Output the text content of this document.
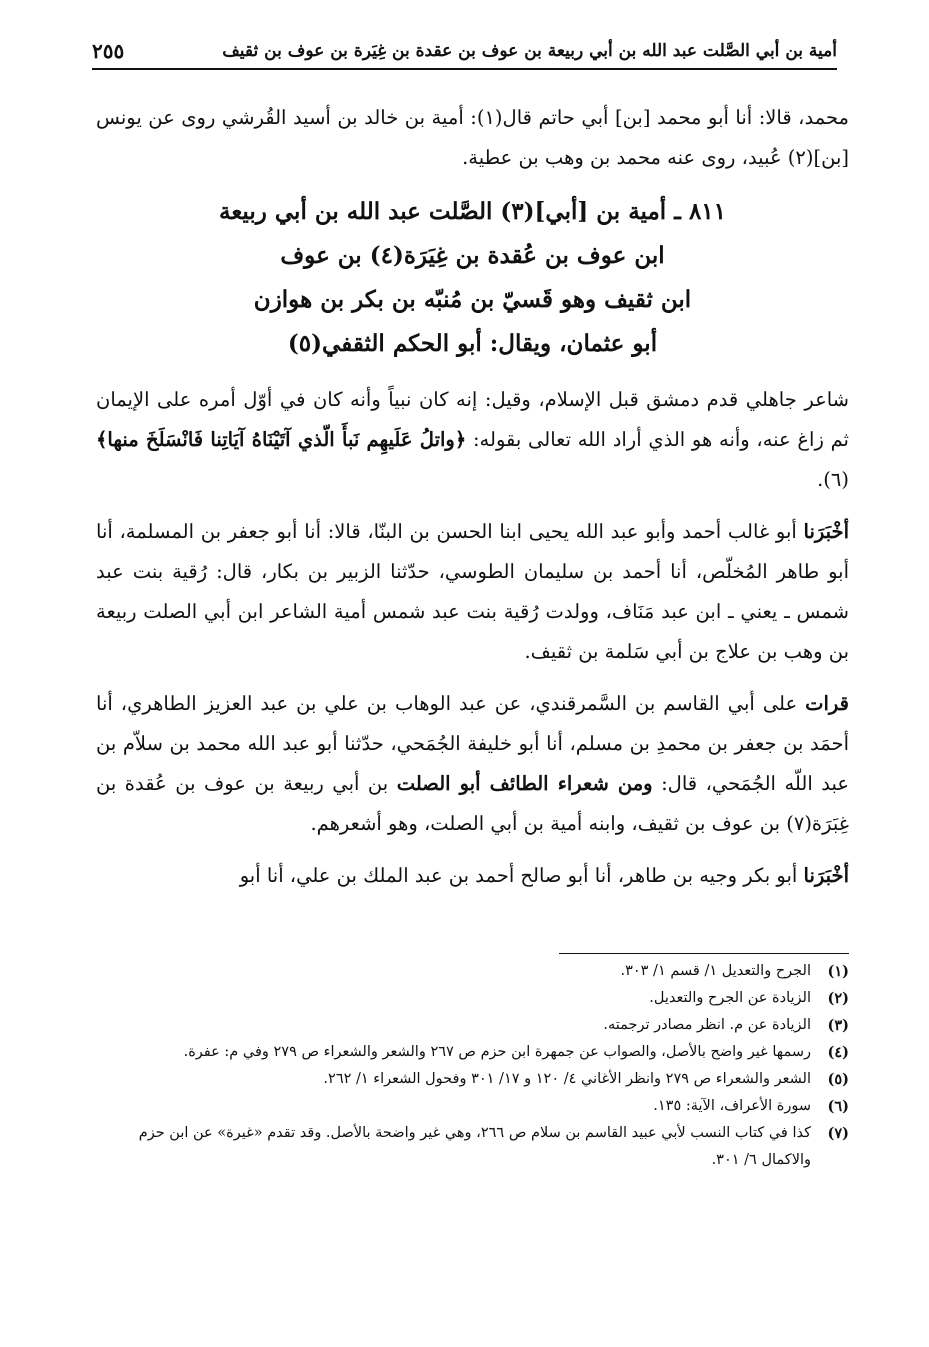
أمية بن أبي الصَّلت عبد الله بن أبي ربيعة بن عوف بن عقدة بن غِيَرة بن عوف بن ثقيف
٢٥٥

محمد، قالا: أنا أبو محمد [بن] أبي حاتم قال(١): أمية بن خالد بن أسيد القُرشي روى عن يونس [بن](٢) عُبيد، روى عنه محمد بن وهب بن عطية.

٨١١ ـ أمية بن [أبي](٣) الصَّلت عبد الله بن أبي ربيعة
ابن عوف بن عُقدة بن غِيَرَة(٤) بن عوف
ابن ثقيف وهو قَسيّ بن مُنبّه بن بكر بن هوازن
أبو عثمان، ويقال: أبو الحكم الثقفي(٥)

شاعر جاهلي قدم دمشق قبل الإسلام، وقيل: إنه كان نبياً وأنه كان في أوّل أمره على الإيمان ثم زاغ عنه، وأنه هو الذي أراد الله تعالى بقوله: ﴿واتلُ عَلَيهِم نَبأَ الّذي آتَيْنَاهُ آيَاتِنا فَانْسَلَخَ منها﴾(٦).

أخْبَرَنا أبو غالب أحمد وأبو عبد الله يحيى ابنا الحسن بن البنّا، قالا: أنا أبو جعفر بن المسلمة، أنا أبو طاهر المُخلّص، أنا أحمد بن سليمان الطوسي، حدّثنا الزبير بن بكار، قال: رُقية بنت عبد شمس ـ يعني ـ ابن عبد مَنَاف، وولدت رُقية بنت عبد شمس أمية الشاعر ابن أبي الصلت ربيعة بن وهب بن علاج بن أبي سَلمة بن ثقيف.

قرات على أبي القاسم بن السَّمرقندي، عن عبد الوهاب بن علي بن عبد العزيز الطاهري، أنا أحمَد بن جعفر بن محمدِ بن مسلم، أنا أبو خليفة الجُمَحي، حدّثنا أبو عبد الله محمد بن سلاّم بن عبد اللّه الجُمَحي، قال: ومن شعراء الطائف أبو الصلت بن أبي ربيعة بن عوف بن عُقدة بن غِبَرَة(٧) بن عوف بن ثقيف، وابنه أمية بن أبي الصلت، وهو أشعرهم.

أخْبَرَنا أبو بكر وجيه بن طاهر، أنا أبو صالح أحمد بن عبد الملك بن علي، أنا أبو

(١)
الجرح والتعديل ١/ قسم ١/ ٣٠٣.
(٢)
الزيادة عن الجرح والتعديل.
(٣)
الزيادة عن م. انظر مصادر ترجمته.
(٤)
رسمها غير واضح بالأصل، والصواب عن جمهرة ابن حزم ص ٢٦٧ والشعر والشعراء ص ٢٧٩ وفي م: عفرة.
(٥)
الشعر والشعراء ص ٢٧٩ وانظر الأغاني ٤/ ١٢٠ و ١٧/ ٣٠١ وفحول الشعراء ١/ ٢٦٢.
(٦)
سورة الأعراف، الآية: ١٣٥.
(٧)
كذا في كتاب النسب لأبي عبيد القاسم بن سلام ص ٢٦٦، وهي غير واضحة بالأصل. وقد تقدم «غيرة» عن ابن حزم والاكمال ٦/ ٣٠١.
